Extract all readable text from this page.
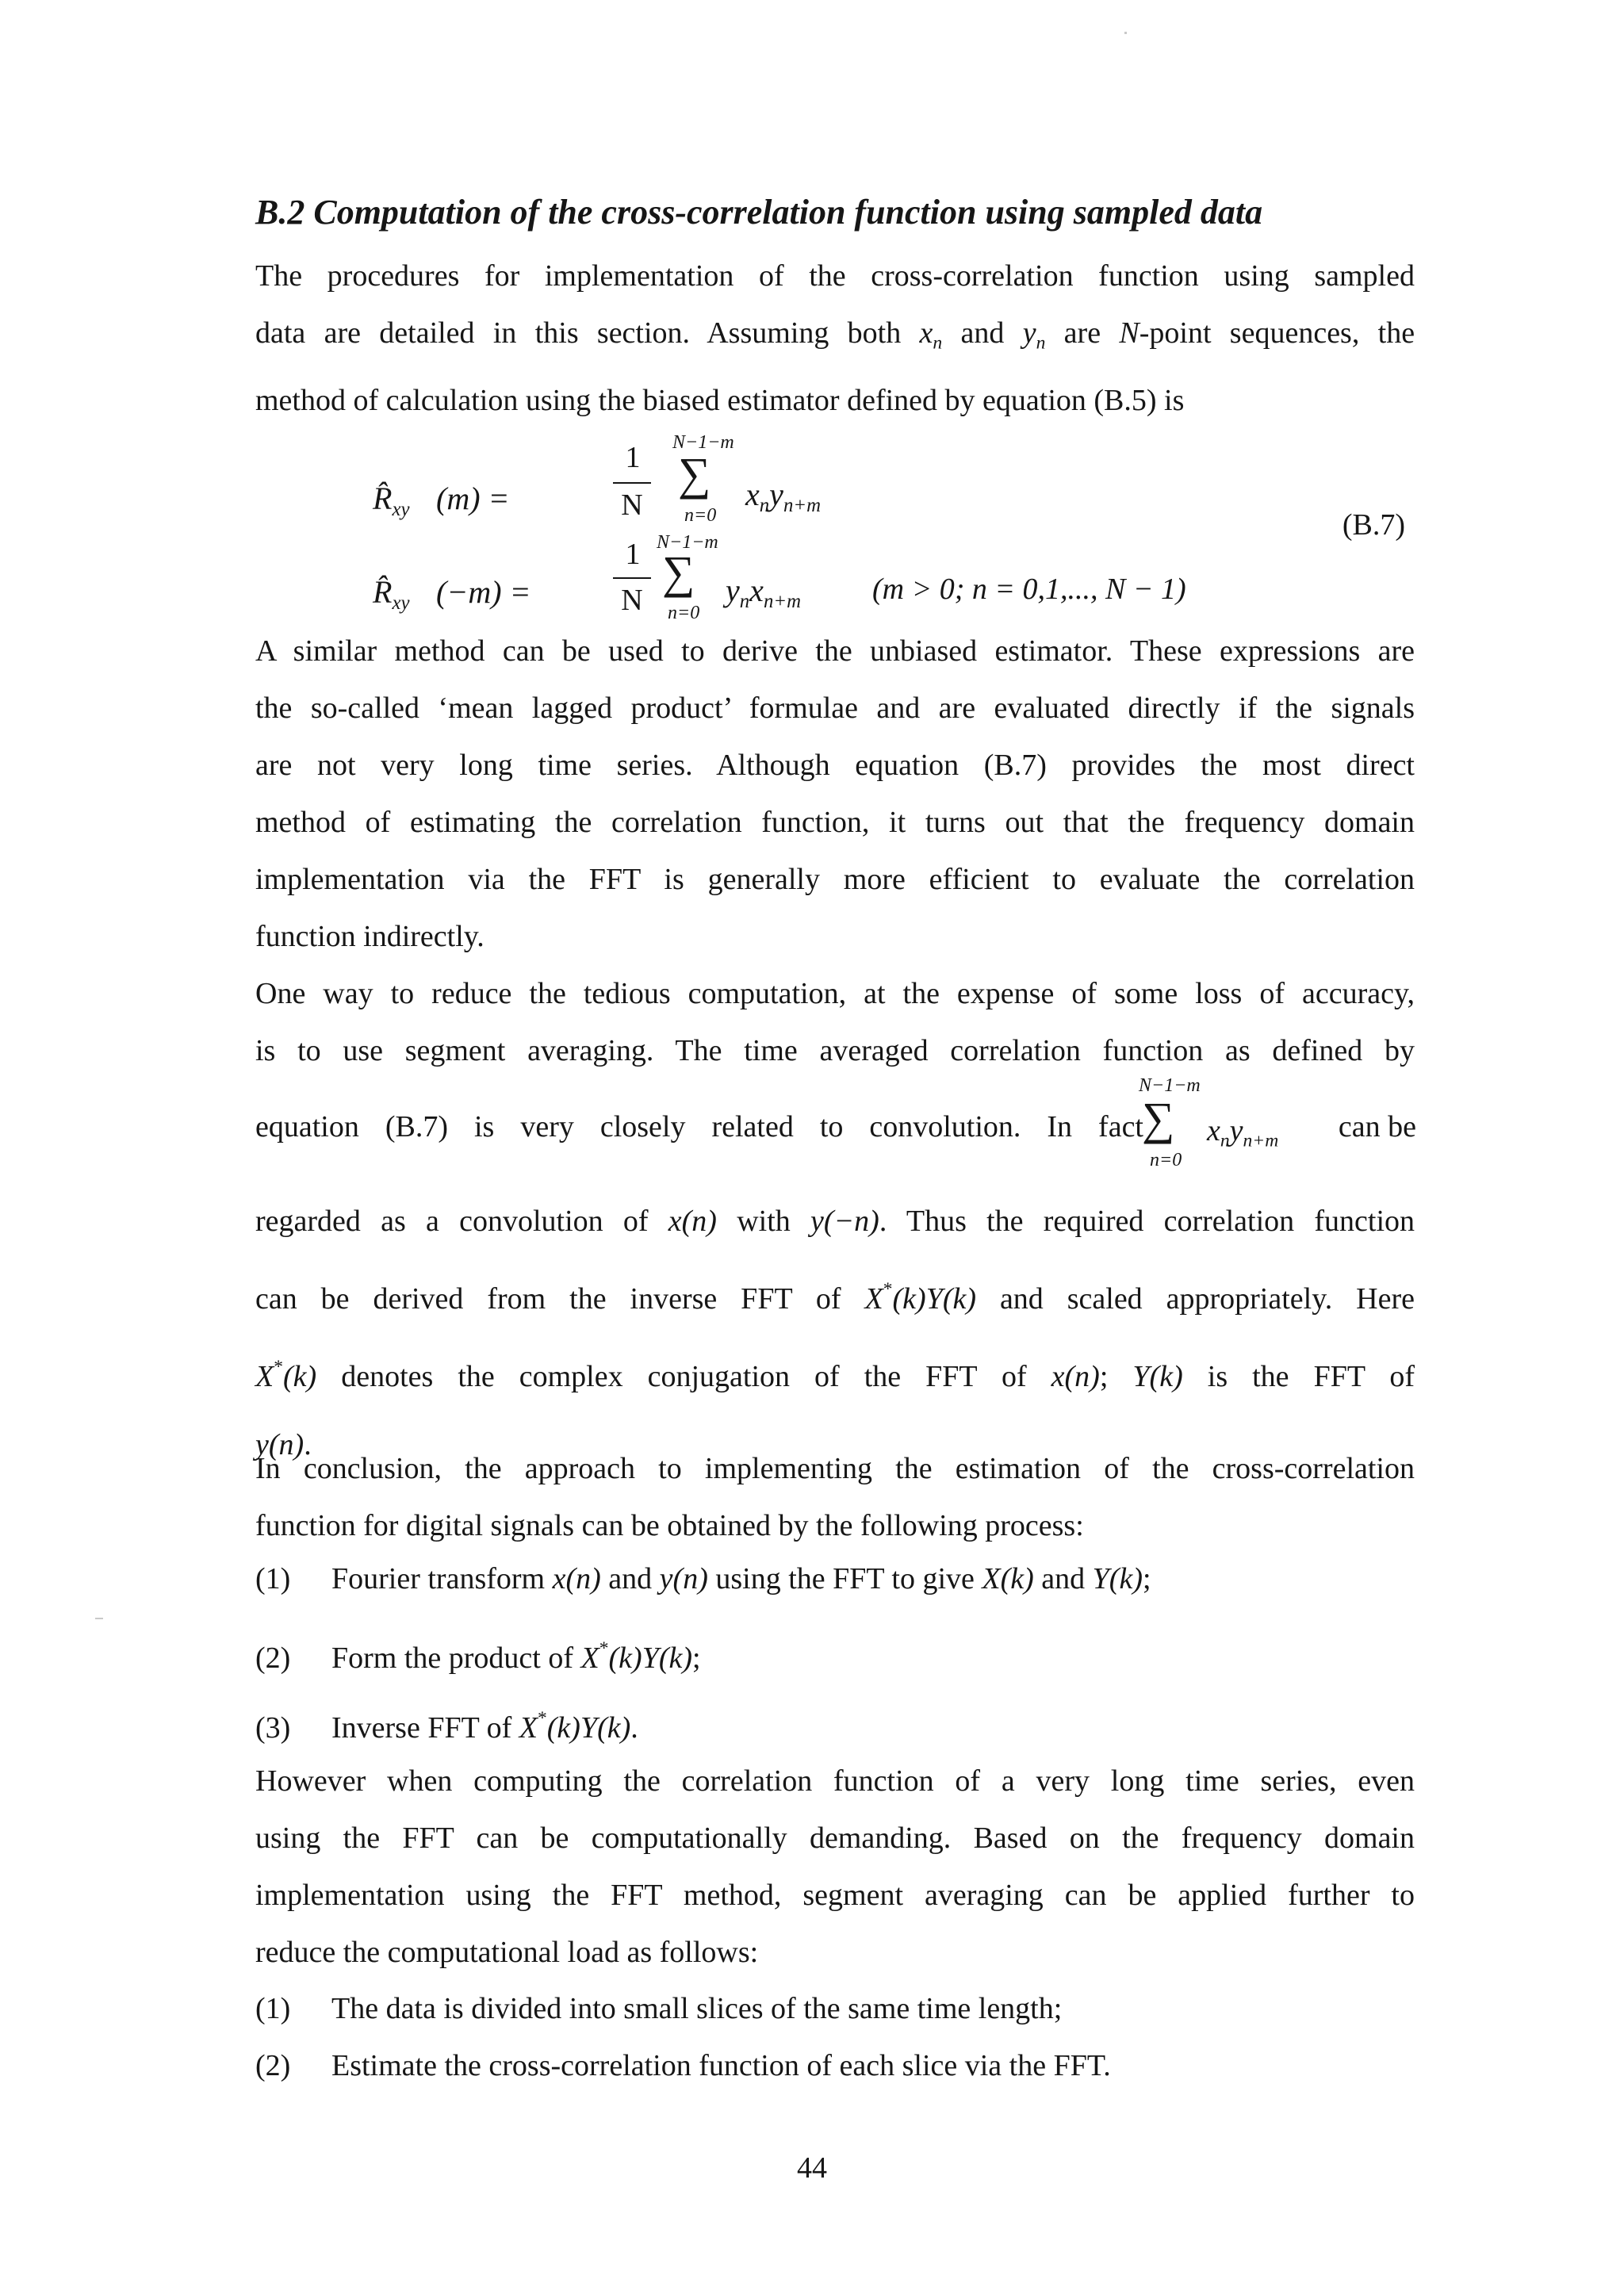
B.2 Computation of the cross-correlation function using sampled data
The procedures for implementation of the cross-correlation function using sampled
data are detailed in this section. Assuming both $x_n$ and $y_n$ are N-point sequences, the
method of calculation using the biased estimator defined by equation (B.5) is
$R̂_{xy}$ (m) =
1
N
N−1−m
∑
n=0
$x_ny_{n+m}$
$R̂_{xy}$ (−m) =
1
N
N−1−m
∑
n=0
$y_nx_{n+m}$ (m > 0; n = 0,1,..., N − 1)
(B.7)
A similar method can be used to derive the unbiased estimator. These expressions are
the so-called ‘mean lagged product’ formulae and are evaluated directly if the signals
are not very long time series. Although equation (B.7) provides the most direct
method of estimating the correlation function, it turns out that the frequency domain
implementation via the FFT is generally more efficient to evaluate the correlation
function indirectly.
One way to reduce the tedious computation, at the expense of some loss of accuracy,
is to use segment averaging. The time averaged correlation function as defined by
equation (B.7) is very closely related to convolution. In fact
N−1−m
∑
n=0
$x_ny_{n+m}$	can be
regarded as a convolution of x(n) with y(−n). Thus the required correlation function
can be derived from the inverse FFT of X*(k)Y(k) and scaled appropriately. Here
X*(k) denotes the complex conjugation of the FFT of x(n); Y(k) is the FFT of
y(n).
In conclusion, the approach to implementing the estimation of the cross-correlation
function for digital signals can be obtained by the following process:
(1) Fourier transform x(n) and y(n) using the FFT to give X(k) and Y(k);
(2) Form the product of X*(k)Y(k);
(3) Inverse FFT of X*(k)Y(k).
However when computing the correlation function of a very long time series, even
using the FFT can be computationally demanding. Based on the frequency domain
implementation using the FFT method, segment averaging can be applied further to
reduce the computational load as follows:
(1) The data is divided into small slices of the same time length;
(2) Estimate the cross-correlation function of each slice via the FFT.
44
